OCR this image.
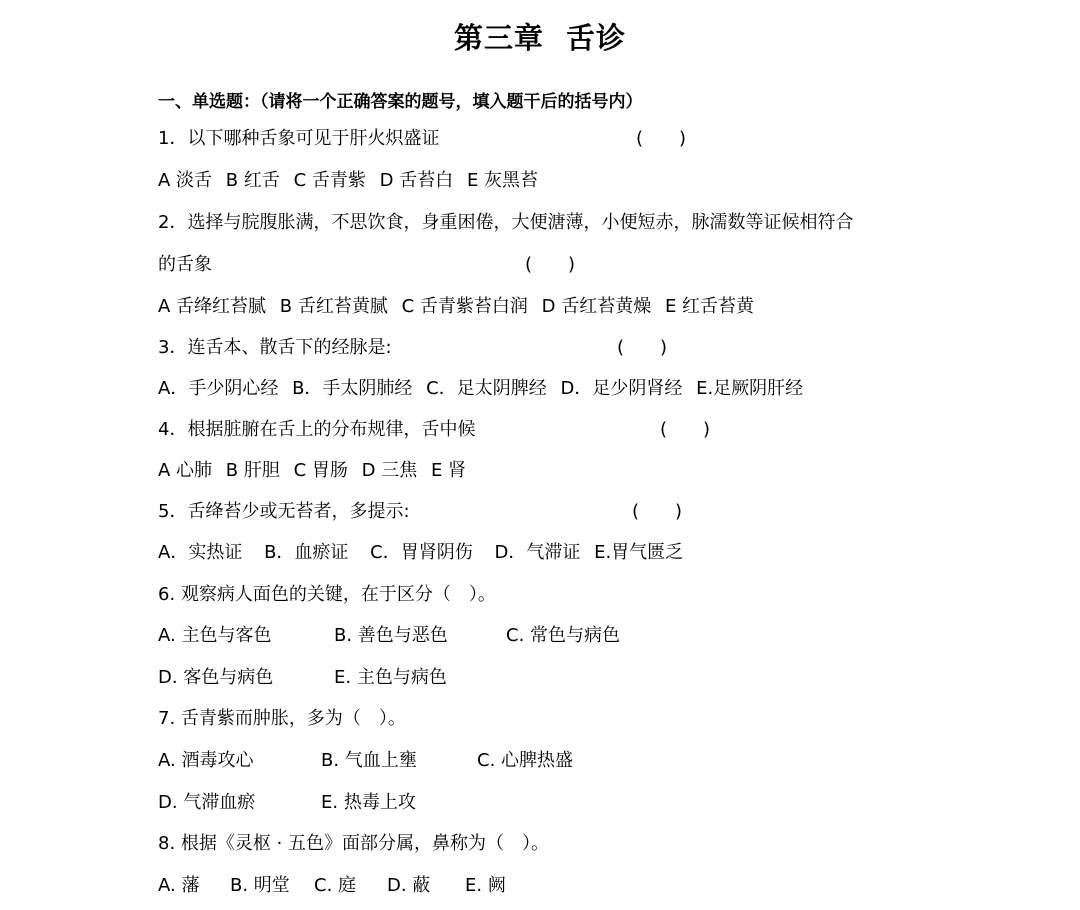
第三章 舌诊
一、单选题：（请将一个正确答案的题号，填入题干后的括号内）
1．以下哪种舌象可见于肝火炽盛证	(　　)
A 淡舌 B 红舌 C 舌青紫 D 舌苔白 E 灰黑苔
2．选择与脘腹胀满，不思饮食，身重困倦，大便溏薄，小便短赤，脉濡数等证候相符合
的舌象	(　　)
A 舌绛红苔腻 B 舌红苔黄腻 C 舌青紫苔白润 D 舌红苔黄燥 E 红舌苔黄
3．连舌本、散舌下的经脉是:	(　　)
A．手少阴心经 B．手太阴肺经 C．足太阴脾经 D．足少阴肾经 E.足厥阴肝经
4．根据脏腑在舌上的分布规律，舌中候	(　　)
A 心肺 B 肝胆 C 胃肠 D 三焦 E 肾
5．舌绛苔少或无苔者，多提示:	(　　)
A．实热证 B．血瘀证 C．胃肾阴伤 D．气滞证 E.胃气匮乏
6. 观察病人面色的关键，在于区分（　）。
A. 主色与客色	B. 善色与恶色	C. 常色与病色
D. 客色与病色	E. 主色与病色
7. 舌青紫而肿胀，多为（　）。
A. 酒毒攻心	B. 气血上壅	C. 心脾热盛
D. 气滞血瘀	E. 热毒上攻
8. 根据《灵枢 · 五色》面部分属，鼻称为（　）。
A. 藩 B. 明堂 C. 庭 D. 蔽 E. 阙
